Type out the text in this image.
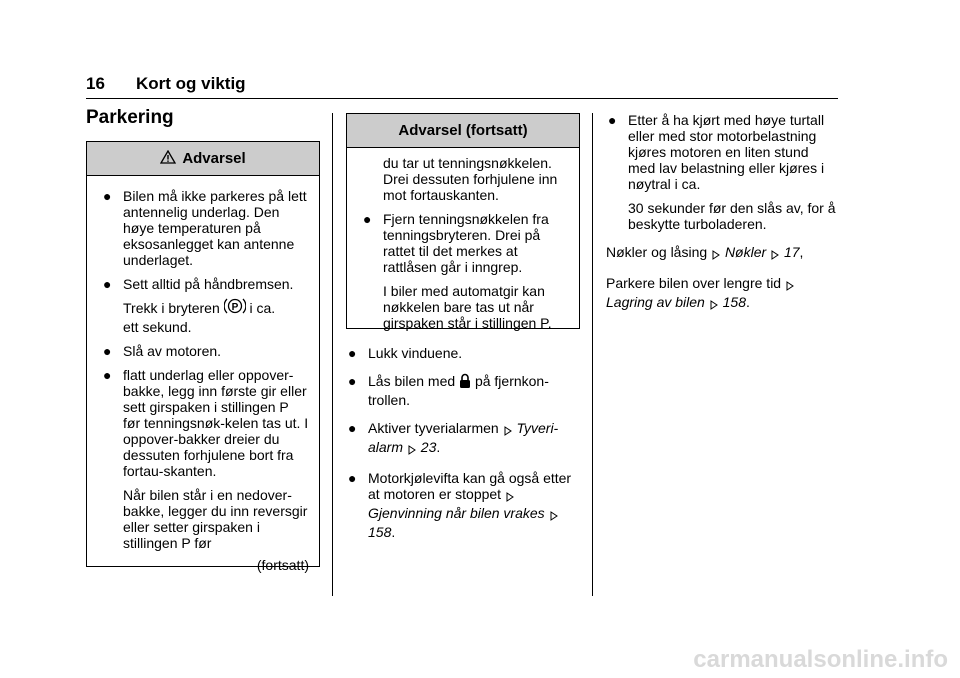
16 Kort og viktig
Parkering
Advarsel
● Bilen må ikke parkeres på lett antennelig underlag. Den høye temperaturen på eksosanlegget kan antenne underlaget.
● Sett alltid på håndbremsen.
Trekk i bryteren P i ca.
ett sekund.
● Slå av motoren.
● flatt underlag eller oppover-bakke, legg inn første gir eller sett girspaken i stillingen P før tenningsnøk-kelen tas ut. I oppover-bakker dreier du dessuten forhjulene bort fra fortau-skanten.
Når bilen står i en nedover-bakke, legger du inn reversgir eller setter girspaken i stillingen P før
(fortsatt)
Advarsel (fortsatt)
du tar ut tenningsnøkkelen. Drei dessuten forhjulene inn mot fortauskanten.
● Fjern tenningsnøkkelen fra tenningsbryteren. Drei på rattet til det merkes at rattlåsen går i inngrep.
I biler med automatgir kan nøkkelen bare tas ut når girspaken står i stillingen P.
● Lukk vinduene.
● Lås bilen med på fjernkon-trollen.
● Aktiver tyverialarmen Tyveri-alarm 23.
● Motorkjølevifta kan gå også etter at motoren er stoppet  Gjenvinning når bilen vrakes  158.
● Etter å ha kjørt med høye turtall eller med stor motorbelastning kjøres motoren en liten stund med lav belastning eller kjøres i nøytral i ca.
30 sekunder før den slås av, for å beskytte turboladeren.
Nøkler og låsing Nøkler 17,
Parkere bilen over lengre tid
Lagring av bilen 158.
carmanualsonline.info
